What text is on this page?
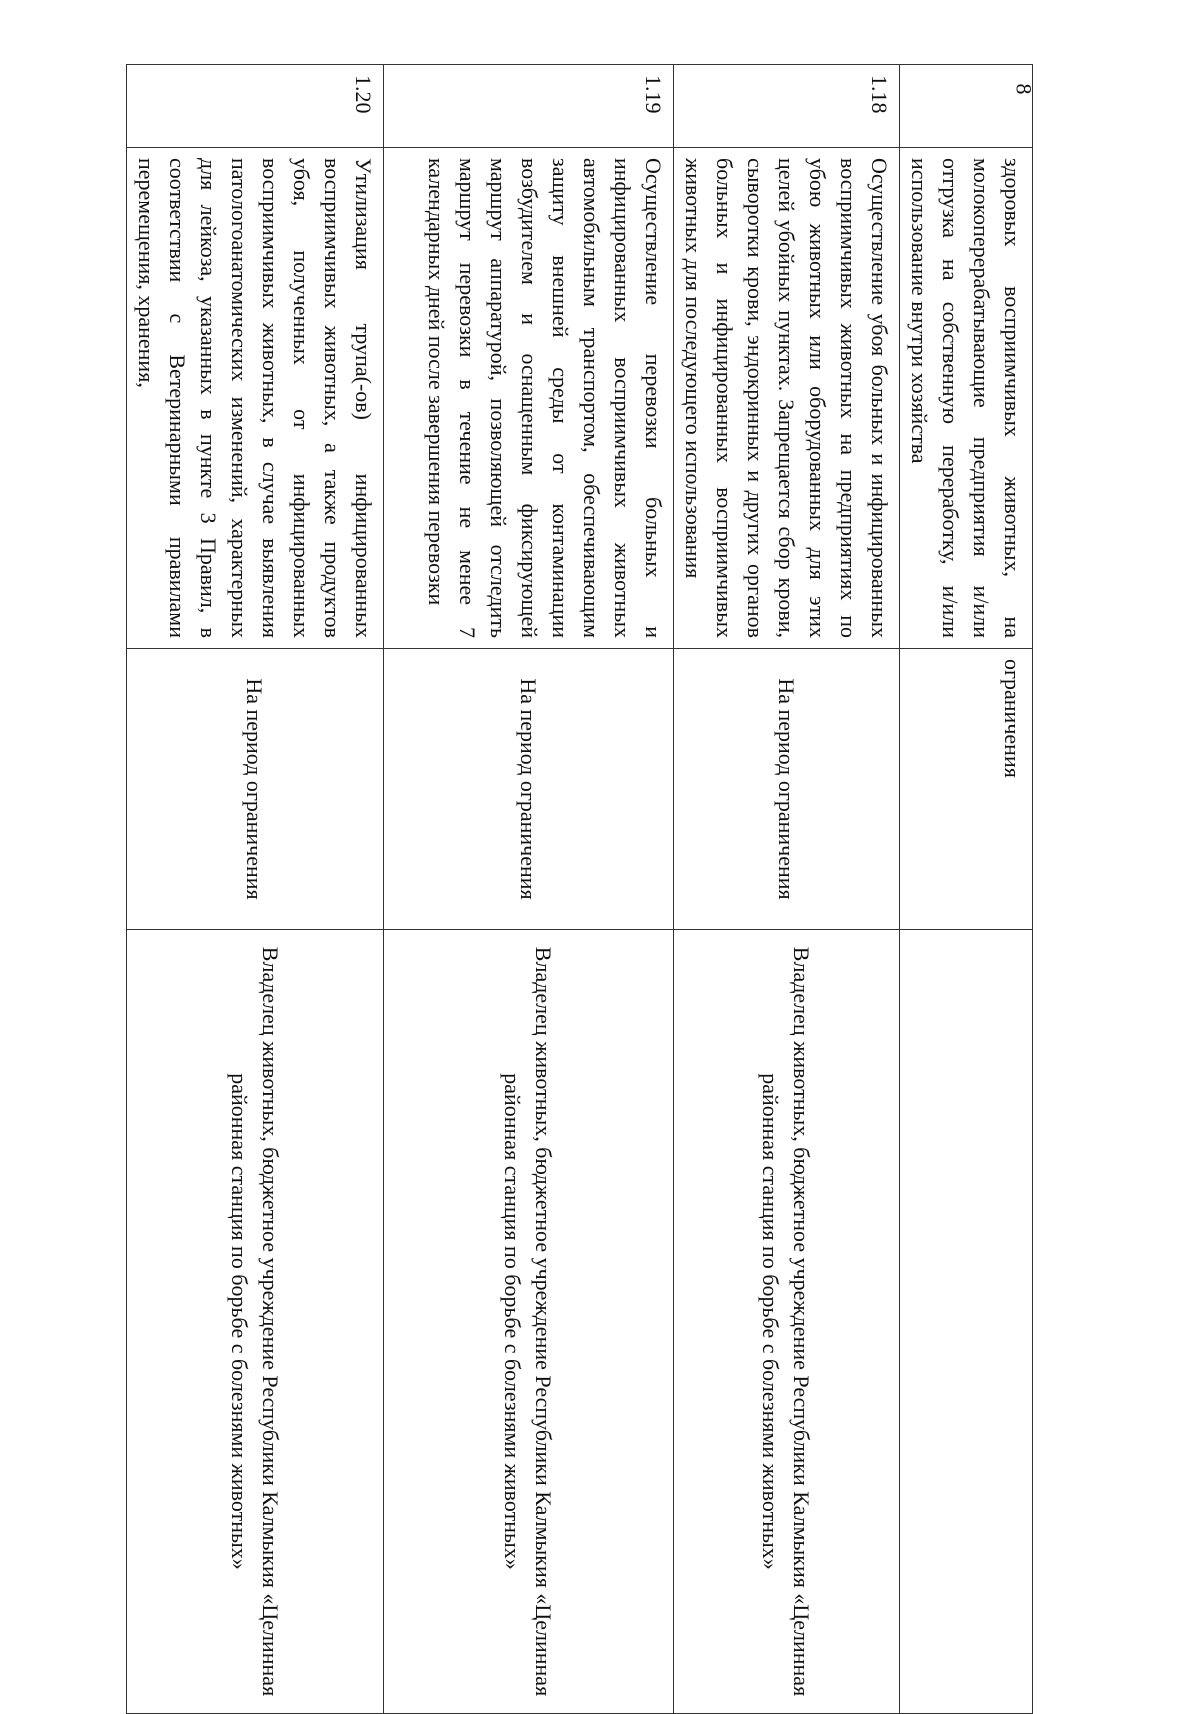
	здоровых восприимчивых животных, на молокоперерабатывающие предприятия и/или отгрузка на собственную переработку, и/или использование внутри хозяйства	ограничения	
1.18	Осуществление убоя больных и инфицированных восприимчивых животных на предприятиях по убою животных или оборудованных для этих целей убойных пунктах. Запрещается сбор крови, сыворотки крови, эндокринных и других органов больных и инфицированных восприимчивых животных для последующего использования	На период ограничения	Владелец животных, бюджетное учреждение Республики Калмыкия «Целинная районная станция по борьбе с болезнями животных»

1.19	Осуществление перевозки больных и инфицированных восприимчивых животных автомобильным транспортом, обеспечивающим защиту внешней среды от контаминации возбудителем и оснащенным фиксирующей маршрут аппаратурой, позволяющей отследить маршрут перевозки в течение не менее 7 календарных дней после завершения перевозки	На период ограничения	Владелец животных, бюджетное учреждение Республики Калмыкия «Целинная районная станция по борьбе с болезнями животных»

1.20	Утилизация трупа(-ов) инфицированных восприимчивых животных, а также продуктов убоя, полученных от инфицированных восприимчивых животных, в случае выявления патологоанатомических изменений, характерных для лейкоза, указанных в пункте 3 Правил, в соответствии с Ветеринарными правилами перемещения, хранения,	На период ограничения	Владелец животных, бюджетное учреждение Республики Калмыкия «Целинная районная станция по борьбе с болезнями животных»
8
